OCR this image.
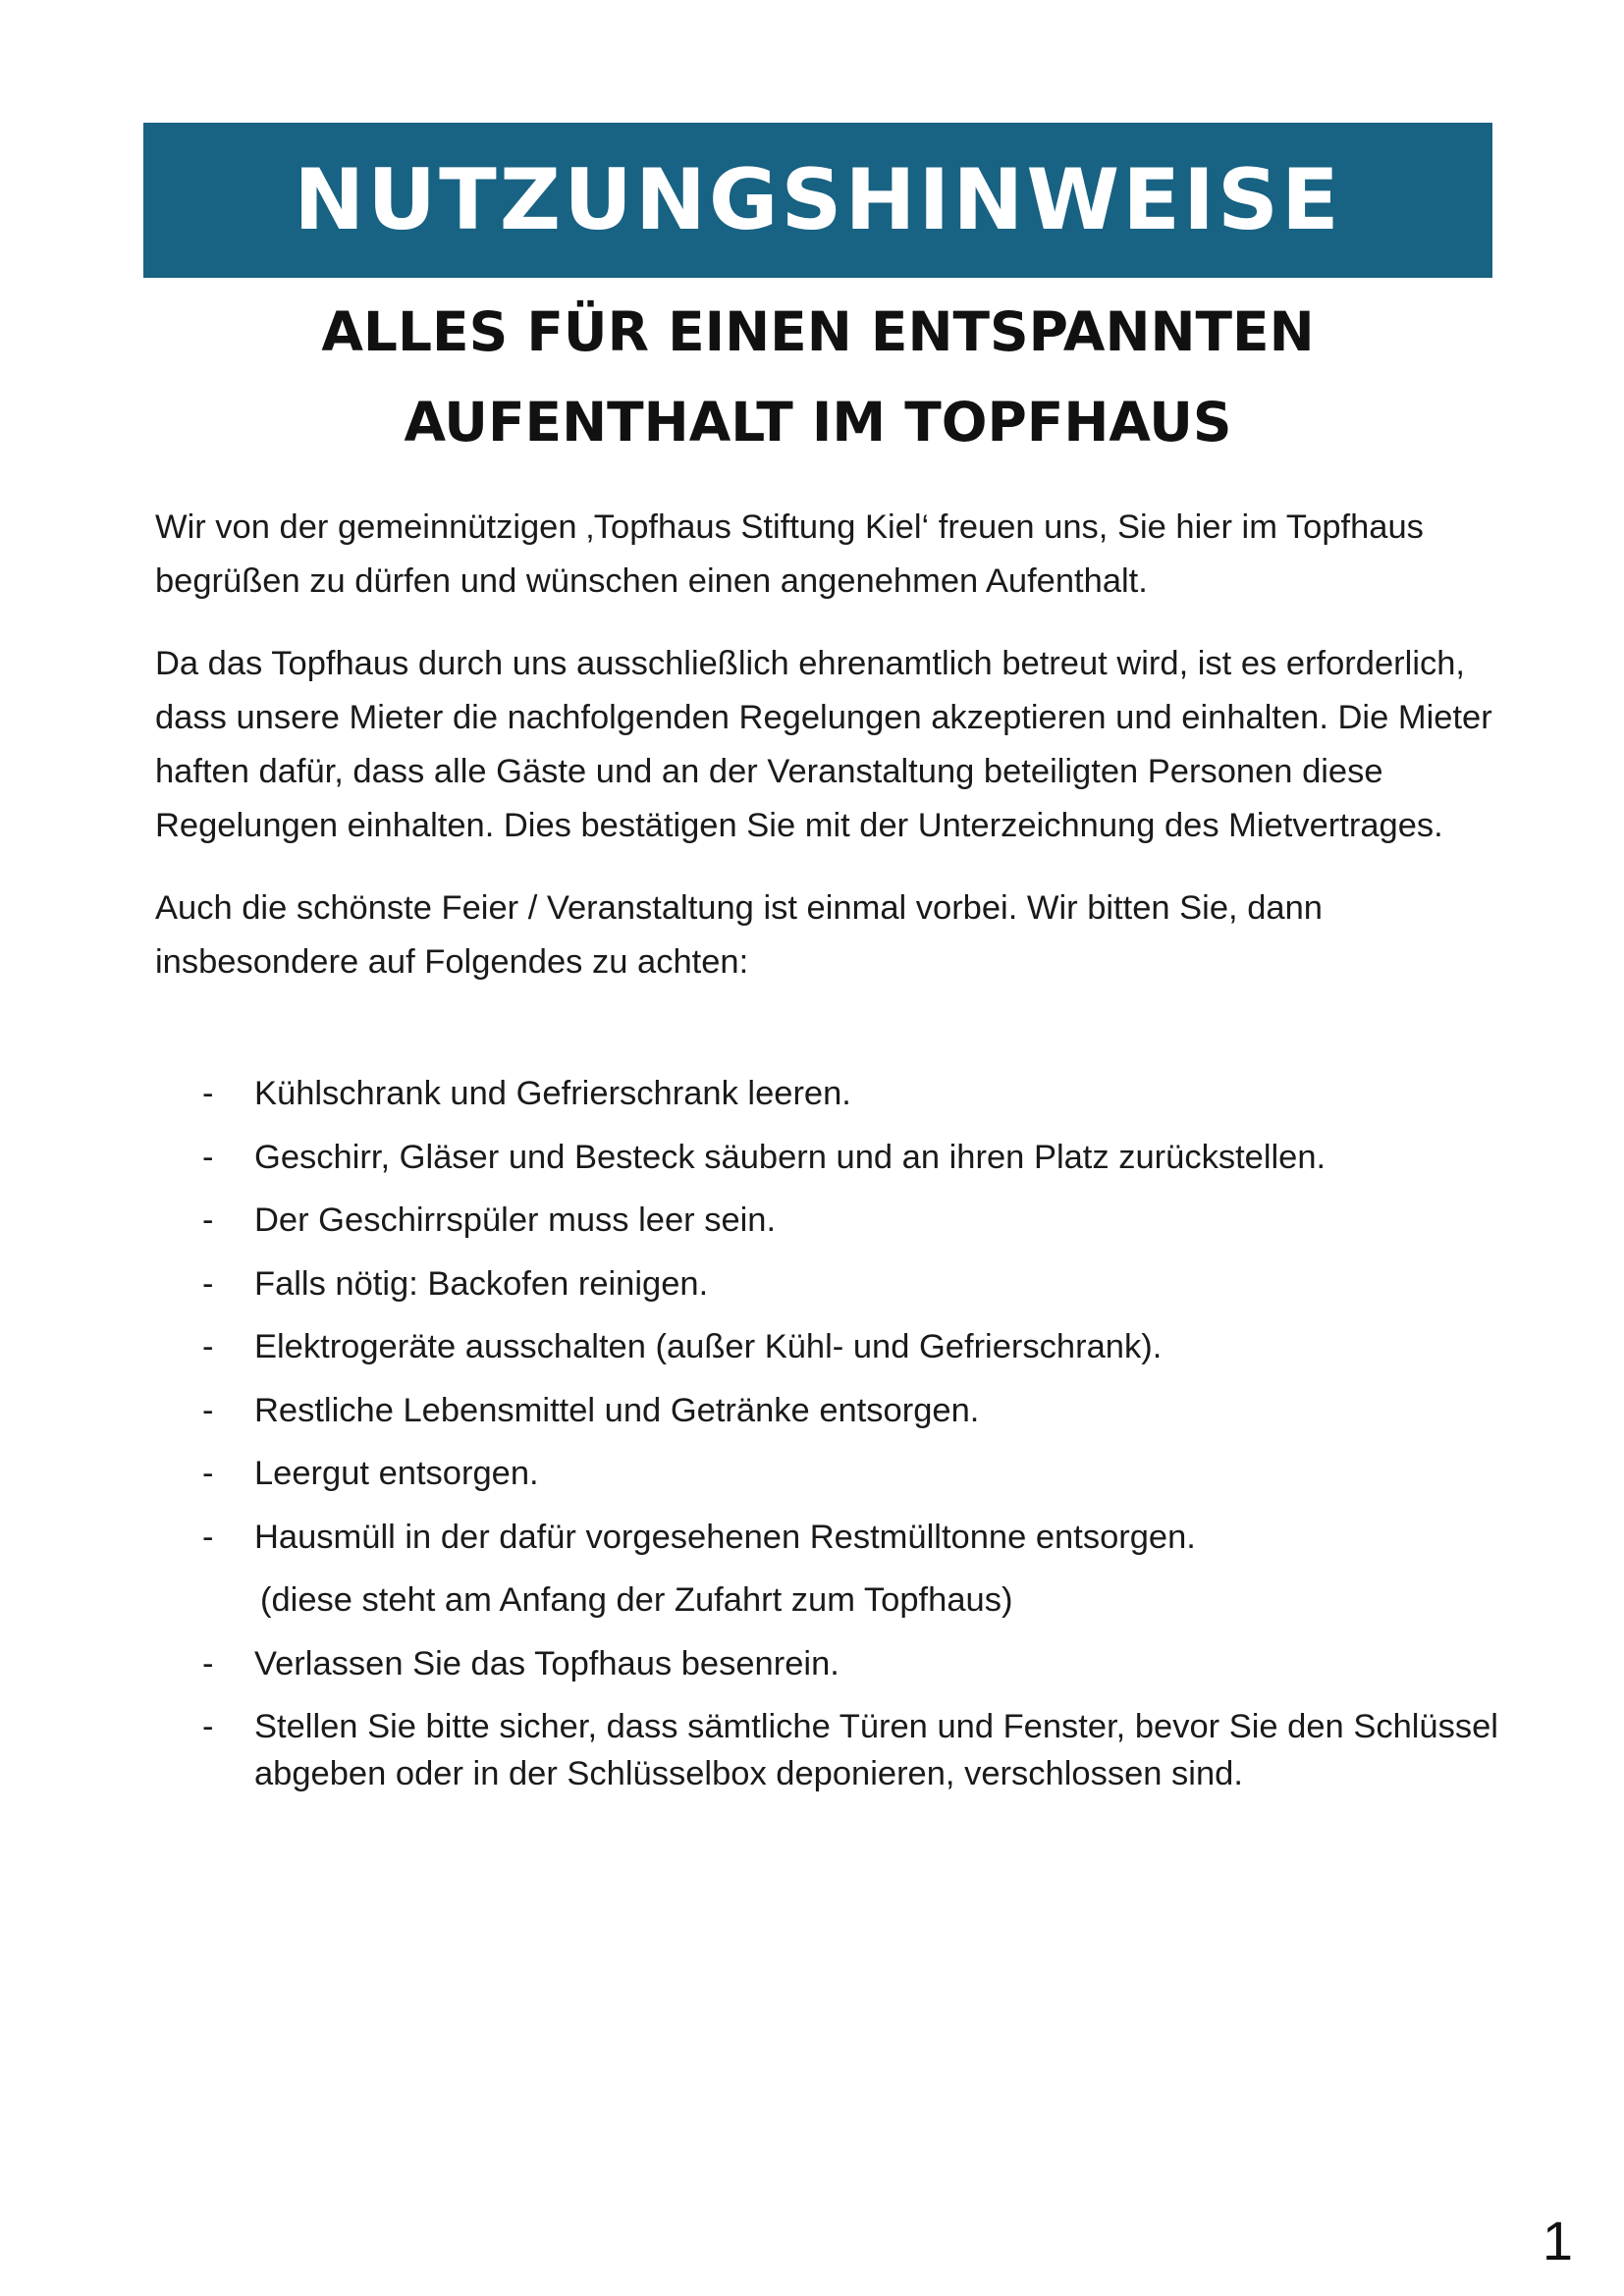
NUTZUNGSHINWEISE
ALLES FÜR EINEN ENTSPANNTEN
AUFENTHALT IM TOPFHAUS

Wir von der gemeinnützigen ‚Topfhaus Stiftung Kiel‘ freuen uns, Sie hier im Topfhaus begrüßen zu dürfen und wünschen einen angenehmen Aufenthalt.

Da das Topfhaus durch uns ausschließlich ehrenamtlich betreut wird, ist es erforderlich, dass unsere Mieter die nachfolgenden Regelungen akzeptieren und einhalten. Die Mieter haften dafür, dass alle Gäste und an der Veranstaltung beteiligten Personen diese Regelungen einhalten. Dies bestätigen Sie mit der Unterzeichnung des Mietvertrages.

Auch die schönste Feier / Veranstaltung ist einmal vorbei. Wir bitten Sie, dann insbesondere auf Folgendes zu achten:

- Kühlschrank und Gefrierschrank leeren.
- Geschirr, Gläser und Besteck säubern und an ihren Platz zurückstellen.
- Der Geschirrspüler muss leer sein.
- Falls nötig: Backofen reinigen.
- Elektrogeräte ausschalten (außer Kühl- und Gefrierschrank).
- Restliche Lebensmittel und Getränke entsorgen.
- Leergut entsorgen.
- Hausmüll in der dafür vorgesehenen Restmülltonne entsorgen.
(diese steht am Anfang der Zufahrt zum Topfhaus)
- Verlassen Sie das Topfhaus besenrein.
- Stellen Sie bitte sicher, dass sämtliche Türen und Fenster, bevor Sie den Schlüssel abgeben oder in der Schlüsselbox deponieren, verschlossen sind.
1
